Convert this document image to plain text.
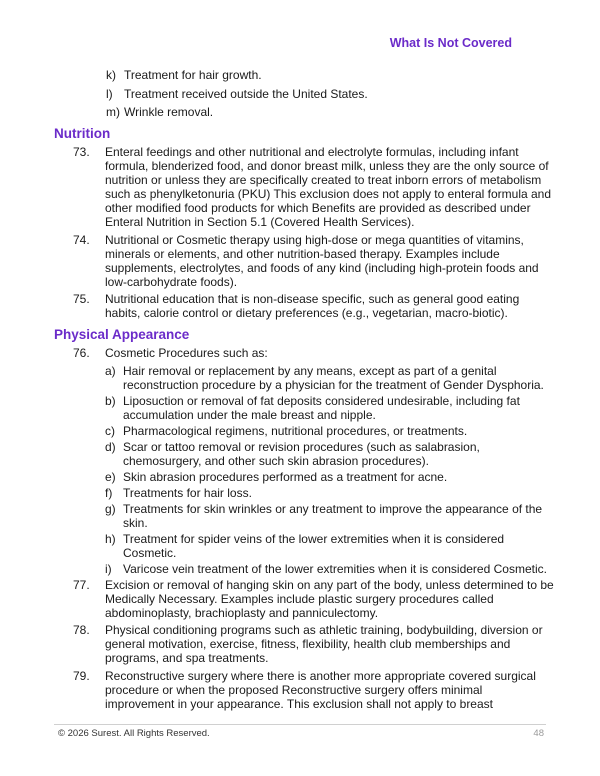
What Is Not Covered
k) Treatment for hair growth.
l) Treatment received outside the United States.
m) Wrinkle removal.
Nutrition
73.	Enteral feedings and other nutritional and electrolyte formulas, including infant formula, blenderized food, and donor breast milk, unless they are the only source of nutrition or unless they are specifically created to treat inborn errors of metabolism such as phenylketonuria (PKU) This exclusion does not apply to enteral formula and other modified food products for which Benefits are provided as described under Enteral Nutrition in Section 5.1 (Covered Health Services).
74.	Nutritional or Cosmetic therapy using high-dose or mega quantities of vitamins, minerals or elements, and other nutrition-based therapy. Examples include supplements, electrolytes, and foods of any kind (including high-protein foods and low-carbohydrate foods).
75.	Nutritional education that is non-disease specific, such as general good eating habits, calorie control or dietary preferences (e.g., vegetarian, macro-biotic).
Physical Appearance
76.	Cosmetic Procedures such as:
a) Hair removal or replacement by any means, except as part of a genital reconstruction procedure by a physician for the treatment of Gender Dysphoria.
b) Liposuction or removal of fat deposits considered undesirable, including fat accumulation under the male breast and nipple.
c) Pharmacological regimens, nutritional procedures, or treatments.
d) Scar or tattoo removal or revision procedures (such as salabrasion, chemosurgery, and other such skin abrasion procedures).
e) Skin abrasion procedures performed as a treatment for acne.
f) Treatments for hair loss.
g) Treatments for skin wrinkles or any treatment to improve the appearance of the skin.
h) Treatment for spider veins of the lower extremities when it is considered Cosmetic.
i) Varicose vein treatment of the lower extremities when it is considered Cosmetic.
77.	Excision or removal of hanging skin on any part of the body, unless determined to be Medically Necessary. Examples include plastic surgery procedures called abdominoplasty, brachioplasty and panniculectomy.
78.	Physical conditioning programs such as athletic training, bodybuilding, diversion or general motivation, exercise, fitness, flexibility, health club memberships and programs, and spa treatments.
79.	Reconstructive surgery where there is another more appropriate covered surgical procedure or when the proposed Reconstructive surgery offers minimal improvement in your appearance. This exclusion shall not apply to breast
© 2026 Surest. All Rights Reserved.	48
